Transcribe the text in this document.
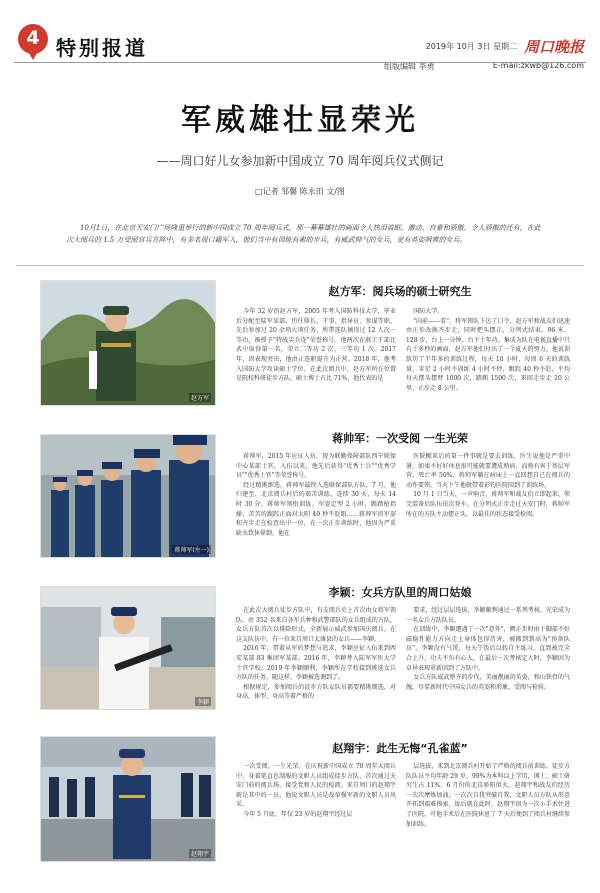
4 特别报道	2019年 10月 3日 星期二 周口晚报
组版编辑 李勇	E-mail:zkwb@126.com
军威雄壮显荣光
——周口好儿女参加新中国成立 70 周年阅兵仪式侧记
□记者 邹馨 陈永田 文/图
10月1日，在北京天安门广场隆重举行的新中国成立 70 周年阅兵式，那一幕幕雄壮的画面令人热泪盈眶、激动、自豪和骄傲。令人骄傲的还有，在此次大阅兵的 1.5 万受阅官兵方阵中，有多名周口籍军人，他们当中有训练有素的步兵，有威武帅气的女兵，更有英姿飒爽的女兵。
赵方军
赵方军：阅兵场的硕士研究生

今年 32 岁的赵方军，2005 年考入国防科技大学，毕业后分配至陆军某部，历任排长、干事、指导员、参谋等职，先后参加过 20 余项大项任务，所带连队摘得过 12 人次一等功，被授予"特战尖兵连"荣誉称号。他两次在联工干部比武中取得第一名，荣立二等功 2 次、三等功 1 次。2017 年，因表现突出，他由正连职提升为正营。2018 年，他考入国防大学攻读硕士学位。在此次阅兵中，赵方军所在位置是院校科研徒步方队，硕士博士占比 71%，他代表的是

国防大学。

"向前——看"，将军领队下达了口令，赵方军和战友们迅速由正步改换齐步走，同时把头摆正，分列式结束。96 米、128 步，台上一分钟，台下十年功。集成为队在电视直播中只有十多秒的画面，赵方军他们付出了一个夏天的努力。他说训练历了半年多的训练过程，每天 10 小时，每周 6 天的训练量，零星 2 小时不训练 4 小时不停，跟踪 40 秒不眨，平均每天摆头摆臂 1000 次，踏踢 1500 次，来回走步走 20 公里，正步走 8 公里。

蒋帅军(左一)
蒋帅军：一次受阅 一生光荣

蒋帅军，2015 年应征入伍，现为联勤保障部队西宁联保中心某部士官。入伍以来，他先后获得"优秀士兵""优秀学员""优秀士官"等荣誉称号。

经过精挑细选，蒋帅军最终入选联保部队方队。7 月，他归建至，北京阅兵村后的艰苦训练，连续 30 天，每天 14 时 30 分，蒋帅军领衔训练。军姿定型 2 小时，踢踏枪指操，苦苦的跟踪正面对太阳 40 秒不眨眼……蒋帅军的军姿和齐步走在检查出中一位，在一次正步训练时，他因为严重缺水致休晕倒，他在

医院醒来后的第一件事就是要去训练，医生说他是严重中暑，如果不好好休息很可能就要遭成熟病，而熟有害于基层军营。死亡率 50%，蒋帅军躺在病床上一直回想自己在阅兵的动作要领。当天下午他就带着彩钓医院回到了训练场。

10 月 1 日当天，一声响音，蒋帅军和战友们立即起来，领完装备后队伍依次登车。在分列式正步走过天安门时，蒋帅军所在的方队主动摆正头，以最佳的状态接受检阅。

李颖
李颖：女兵方队里的周口姑娘

在此次大阅兵徒步方队中，有支阅兵史上首次由女将军领队、由 352 名来自各军兵种和武警部队的女兵组成的方队，女兵方队首次以排除形式，全新展示威武参加国庆阅兵。在这支队伍中，有一位来自周口太康县的女兵——李颖。

2016 年，带着从军的梦想与追求，李颖应征入伍来到西安某部 83 集团军某部。2016 年，李颖考入陆军军医大学士官学校。2019 年李颖顺利，李颖所在学校接到挑选女兵方队的任务，随这样，李颖被选调到了。

根据规定，参加阅兵的徒步方队女队员都要精挑细选，对身高、体型、身高等着严格的

要求，经过层层选拔，李颖顺利通过一系列考核，光荣成为一名女兵方队队员。

在训练中，李颖遭遇了一次"意外"，额正步时由于脚部不好磁稳性能力方向走上导体包得历害，被搬到到高为"预备队员"，李颖没有气馁，每天午饭后以转自主练习，直到被完全合上升，功夫不负有心人，在最后一次考核定人时，李颖因为卓异表现重新回到了方队中。

女兵方队威武整齐的步伐，美丽靓丽的英姿，和山铁骨的气魄，尽显新时代中国女兵的英姿和形象，受阅与检验。

赵翔宇
赵翔宇：此生无悔“孔雀蓝”

一次受阅，一生光荣。在庆祝新中国成立 70 周年大阅兵中，身着笔直色制服的文职人员组成徒步方队，首次通过天安门前的阅兵场，接受党和人民的检阅。来自周口的赵翔宇就是其中的一员，他说文职人员是改革强军新的文职人员风采。

今年 5 月底，年仅 23 岁的赵翔宇经过层

层选拔，来到北京阅兵村开始了严格的阅兵前训练。徒步方队队员平均年龄 29 岁，99%为本科以上学历，博士、硕士研究生占 11%。6 月份的北京骄阳似火，赵翔宇和战友们经历一次次摩炼加油，一次次自我突破自我，文职人员方队从形意开拓到艰难摸索，练后就在此时，赵翔宇因为一次小手术住进了医院，可他手术后在医院休息了 7 天后便到了阅兵村继续参加训练。
